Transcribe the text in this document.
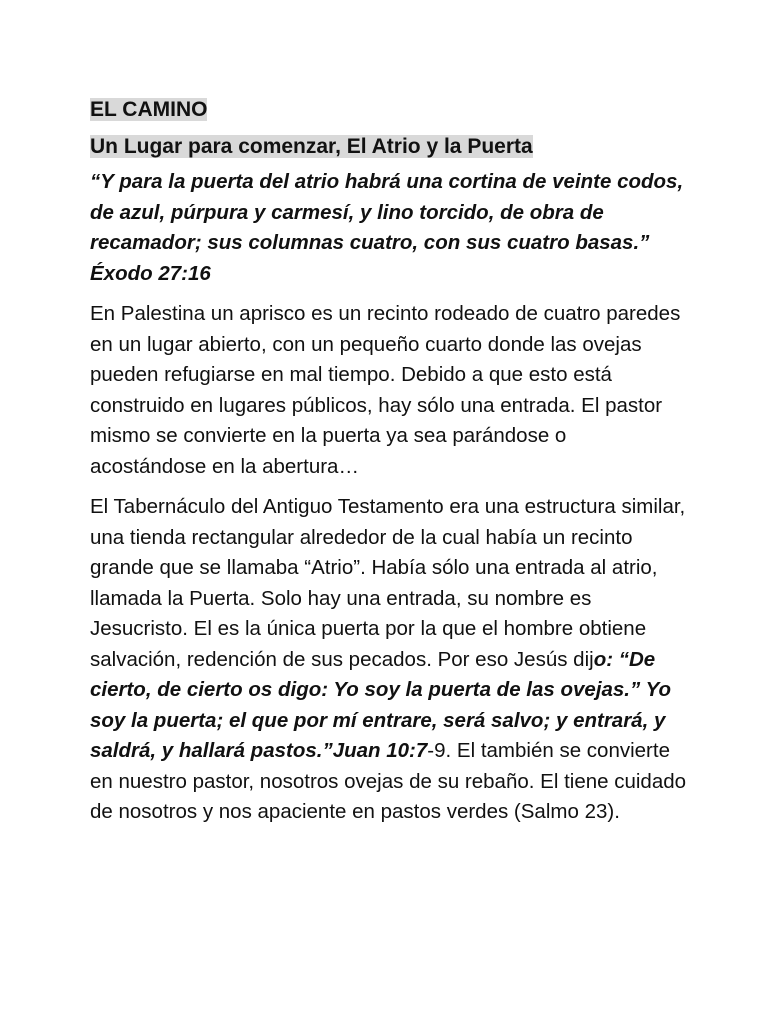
EL CAMINO
Un Lugar para comenzar, El Atrio y la Puerta

“Y para la puerta del atrio habrá una cortina de veinte codos, de azul, púrpura y carmesí, y lino torcido, de obra de recamador; sus columnas cuatro, con sus cuatro basas.” Éxodo 27:16

En Palestina un aprisco es un recinto rodeado de cuatro paredes en un lugar abierto, con un pequeño cuarto donde las ovejas pueden refugiarse en mal tiempo. Debido a que esto está construido en lugares públicos, hay sólo una entrada. El pastor mismo se convierte en la puerta ya sea parándose o acostándose en la abertura…

El Tabernáculo del Antiguo Testamento era una estructura similar, una tienda rectangular alrededor de la cual había un recinto grande que se llamaba “Atrio”. Había sólo una entrada al atrio, llamada la Puerta. Solo hay una entrada, su nombre es Jesucristo. El es la única puerta por la que el hombre obtiene salvación, redención de sus pecados. Por eso Jesús dijo: “De cierto, de cierto os digo: Yo soy la puerta de las ovejas.” Yo soy la puerta; el que por mí entrare, será salvo; y entrará, y saldrá, y hallará pastos.”Juan 10:7-9. El también se convierte en nuestro pastor, nosotros ovejas de su rebaño. El tiene cuidado de nosotros y nos apaciente en pastos verdes (Salmo 23).
